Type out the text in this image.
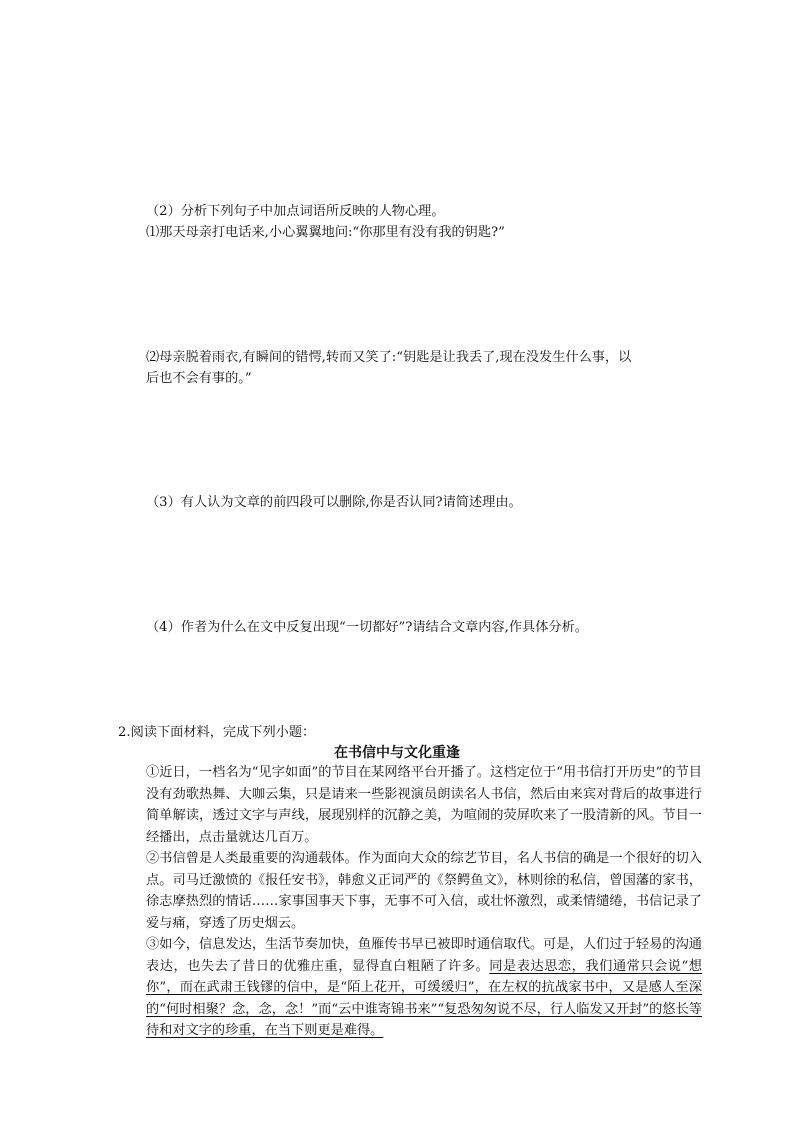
（2）分析下列句子中加点词语所反映的人物心理。
⑴那天母亲打电话来,小心翼翼地问:“你那里有没有我的钥匙?”
⑵母亲脱着雨衣,有瞬间的错愕,转而又笑了:“钥匙是让我丢了,现在没发生什么事，以
后也不会有事的。”
（3）有人认为文章的前四段可以删除,你是否认同?请简述理由。
（4）作者为什么在文中反复出现“一切都好”?请结合文章内容,作具体分析。
2.阅读下面材料，完成下列小题：
在书信中与文化重逢
①近日，一档名为“见字如面”的节目在某网络平台开播了。这档定位于“用书信打开历史”的节目没有劲歌热舞、大咖云集，只是请来一些影视演员朗读名人书信，然后由来宾对背后的故事进行简单解读，透过文字与声线，展现别样的沉静之美，为喧闹的荧屏吹来了一股清新的风。节目一经播出，点击量就达几百万。
②书信曾是人类最重要的沟通载体。作为面向大众的综艺节目，名人书信的确是一个很好的切入点。司马迁激愤的《报任安书》，韩愈义正词严的《祭鳄鱼文》，林则徐的私信，曾国藩的家书，徐志摩热烈的情话……家事国事天下事，无事不可入信，或壮怀激烈，或柔情缱绻，书信记录了爱与痛，穿透了历史烟云。
③如今，信息发达，生活节奏加快，鱼雁传书早已被即时通信取代。可是，人们过于轻易的沟通表达，也失去了昔日的优雅庄重，显得直白粗陋了许多。同是表达思恋，我们通常只会说“想你”，而在武肃王钱镠的信中，是“陌上花开，可缓缓归”，在左权的抗战家书中，又是感人至深的“何时相聚？念，念，念！”而“云中谁寄锦书来”“复恐匆匆说不尽，行人临发又开封”的悠长等待和对文字的珍重，在当下则更是难得。
